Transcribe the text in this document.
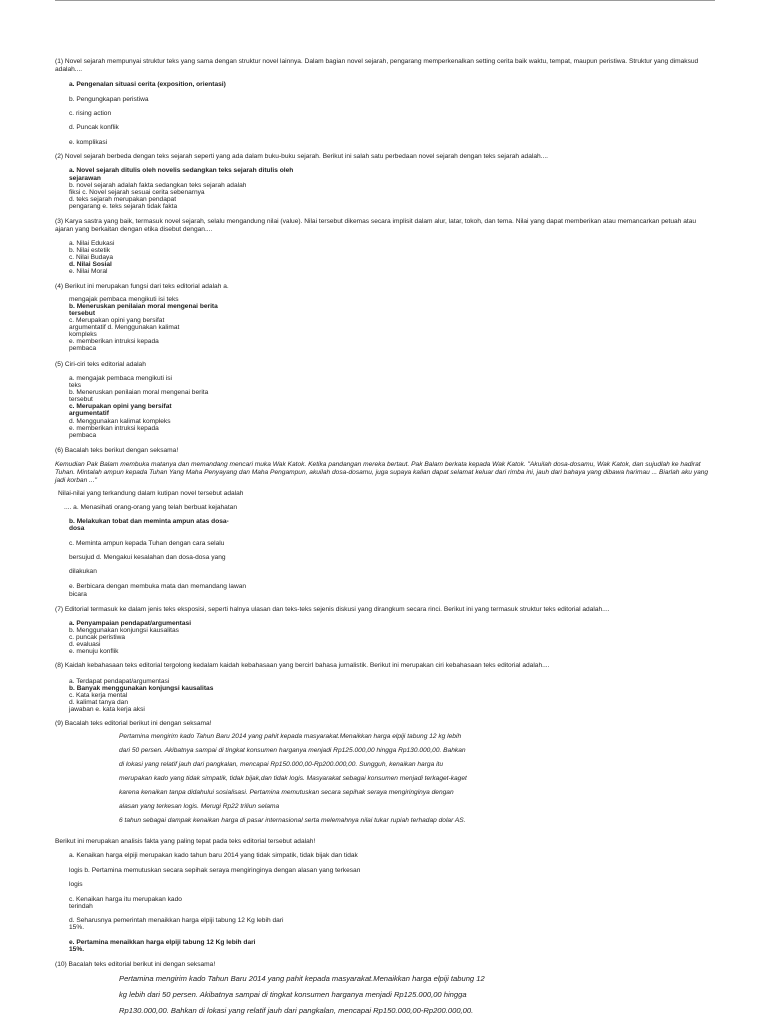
(1) Novel sejarah mempunyai struktur teks yang sama dengan struktur novel lainnya. Dalam bagian novel sejarah, pengarang memperkenalkan setting cerita baik waktu, tempat, maupun peristiwa. Struktur yang dimaksud adalah....
a. Pengenalan situasi cerita (exposition, orientasi)
b. Pengungkapan peristiwa
c. rising action
d. Puncak konflik
e. komplikasi
(2) Novel sejarah berbeda dengan teks sejarah seperti yang ada dalam buku-buku sejarah. Berikut ini salah satu perbedaan novel sejarah dengan teks sejarah adalah....
a. Novel sejarah ditulis oleh novelis sedangkan teks sejarah ditulis oleh
sejarawan
b. novel sejarah adalah fakta sedangkan teks sejarah adalah
fiksi c. Novel sejarah sesuai cerita sebenarnya
d. teks sejarah merupakan pendapat
pengarang e. teks sejarah tidak fakta
(3) Karya sastra yang baik, termasuk novel sejarah, selalu mengandung nilai (value). Nilai tersebut dikemas secara implisit dalam alur, latar, tokoh, dan tema. Nilai yang dapat memberikan atau memancarkan petuah atau ajaran yang berkaitan dengan etika disebut dengan....
a. Nilai Edukasi
b. Nilai estetik
c. Nilai Budaya
d. Nilai Sosial
e. Nilai Moral
(4) Berikut ini merupakan fungsi dari teks editorial adalah a.
mengajak pembaca mengikuti isi teks
b. Meneruskan penilaian moral mengenai berita
tersebut
c. Merupakan opini yang bersifat
argumentatif d. Menggunakan kalimat
kompleks
e. memberikan intruksi kepada
pembaca
(5) Ciri-ciri teks editorial adalah
a. mengajak pembaca mengikuti isi
teks
b. Meneruskan penilaian moral mengenai berita
tersebut
c. Merupakan opini yang bersifat
argumentatif
d. Menggunakan kalimat kompleks
e. memberikan intruksi kepada
pembaca
(6) Bacalah teks berikut dengan seksama!
Kemudian Pak Balam membuka matanya dan memandang mencari muka Wak Katok. Ketika pandangan mereka bertaut. Pak Balam berkata kepada Wak Katok. "Akuilah dosa-dosamu, Wak Katok, dan sujudlah ke hadirat Tuhan. Mintalah ampun kepada Tuhan Yang Maha Penyayang dan Maha Pengampun, akuilah dosa-dosamu, juga supaya kalian dapat selamat keluar dari rimba ini, jauh dari bahaya yang dibawa harimau ... Biarlah aku yang jadi korban ..."
Nilai-nilai yang terkandung dalam kutipan novel tersebut adalah
.... a. Menasihati orang-orang yang telah berbuat kejahatan
b. Melakukan tobat dan meminta ampun atas dosa-
dosa
c. Meminta ampun kepada Tuhan dengan cara selalu
bersujud d. Mengakui kesalahan dan dosa-dosa yang
dilakukan
e. Berbicara dengan membuka mata dan memandang lawan
bicara
(7) Editorial termasuk ke dalam jenis teks eksposisi, seperti halnya ulasan dan teks-teks sejenis diskusi yang dirangkum secara rinci. Berikut ini yang termasuk struktur teks editorial adalah....
a. Penyampaian pendapat/argumentasi
b. Menggunakan konjungsi kausalitas
c. puncak peristiwa
d. evaluasi
e. menuju konflik
(8) Kaidah kebahasaan teks editorial tergolong kedalam kaidah kebahasaan yang bercirI bahasa jurnalistik. Berikut ini merupakan ciri kebahasaan teks editorial adalah....
a. Terdapat pendapat/argumentasi
b. Banyak menggunakan konjungsi kausalitas
c. Kata kerja mental
d. kalimat tanya dan
jawaban e. kata kerja aksi
(9) Bacalah teks editorial berikut ini dengan seksama!
Pertamina mengirim kado Tahun Baru 2014 yang pahit kepada masyarakat.Menaikkan harga elpiji tabung 12 kg lebih
dari 50 persen. Akibatnya sampai di tingkat konsumen harganya menjadi Rp125.000,00 hingga Rp130.000,00. Bahkan
di lokasi yang relatif jauh dari pangkalan, mencapai Rp150.000,00-Rp200.000,00. Sungguh, kenaikan harga itu
merupakan kado yang tidak simpatik, tidak bijak,dan tidak logis. Masyarakat sebagai konsumen menjadi terkaget-kaget
karena kenaikan tanpa didahului sosialisasi. Pertamina memutuskan secara sepihak seraya mengiringinya dengan
alasan yang terkesan logis. Merugi Rp22 triliun selama
6 tahun sebagai dampak kenaikan harga di pasar internasional serta melemahnya nilai tukar rupiah terhadap dolar AS.
Berikut ini merupakan analisis fakta yang paling tepat pada teks editorial tersebut adalah!
a. Kenaikan harga elpiji merupakan kado tahun baru 2014 yang tidak simpatik, tidak bijak dan tidak
logis b. Pertamina memutuskan secara sepihak seraya mengiringinya dengan alasan yang terkesan
logis
c. Kenaikan harga itu merupakan kado
terindah
d. Seharusnya pemerintah menaikkan harga elpiji tabung 12 Kg lebih dari
15%.
e. Pertamina menaikkan harga elpiji tabung 12 Kg lebih dari
15%.
(10) Bacalah teks editorial berikut ini dengan seksama!
Pertamina mengirim kado Tahun Baru 2014 yang pahit kepada masyarakat.Menaikkan harga elpiji tabung 12
kg lebih dari 50 persen. Akibatnya sampai di tingkat konsumen harganya menjadi Rp125.000,00 hingga
Rp130.000,00. Bahkan di lokasi yang relatif jauh dari pangkalan, mencapai Rp150.000,00-Rp200.000,00.
